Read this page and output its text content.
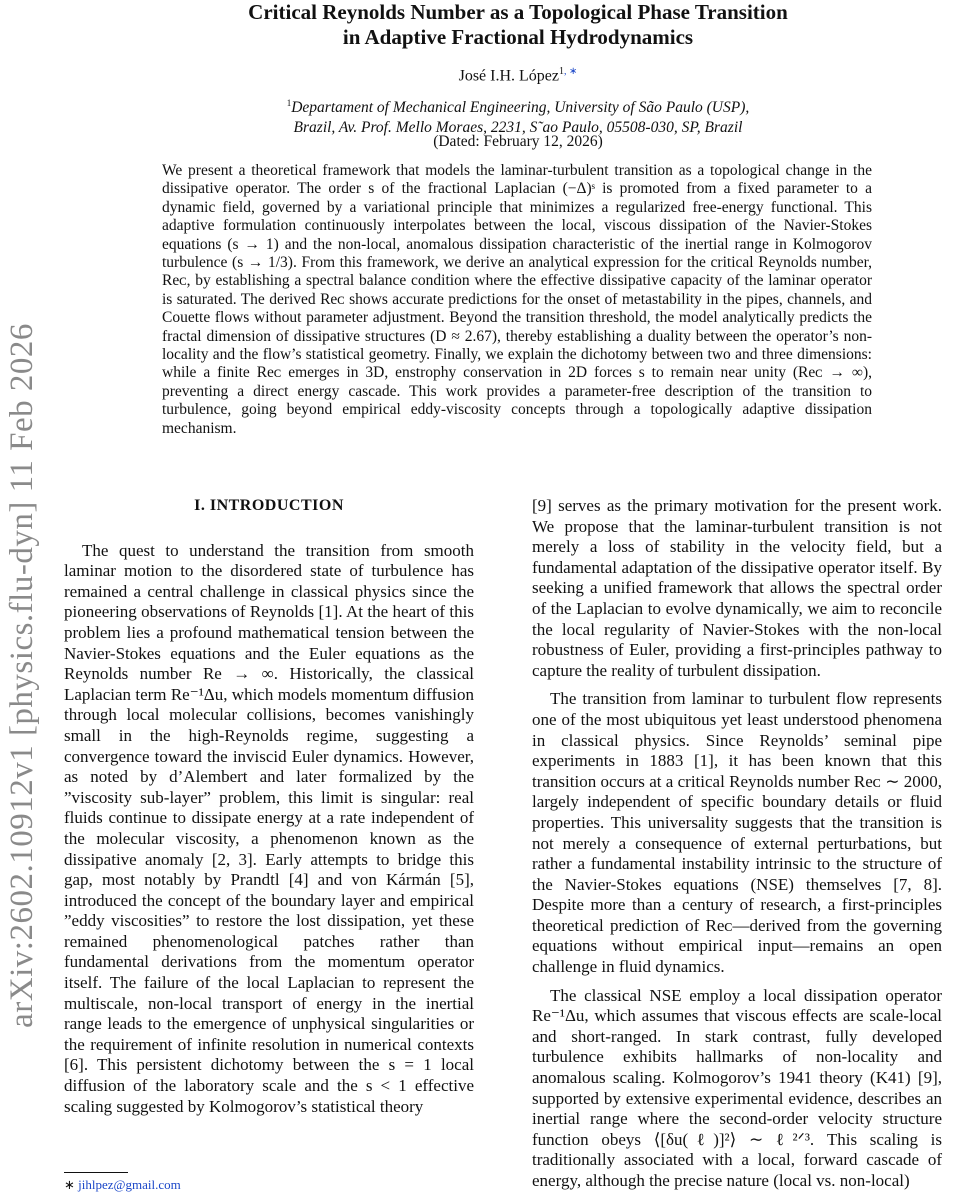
arXiv:2602.10912v1 [physics.flu-dyn] 11 Feb 2026
Critical Reynolds Number as a Topological Phase Transition
in Adaptive Fractional Hydrodynamics
José I.H. López$^{1, ∗}$
$^1$Departament of Mechanical Engineering, University of São Paulo (USP),
Brazil, Av. Prof. Mello Moraes, 2231, S˜ao Paulo, 05508-030, SP, Brazil
(Dated: February 12, 2026)
We present a theoretical framework that models the laminar-turbulent transition as a topological change in the dissipative operator. The order s of the fractional Laplacian (−Δ)ˢ is promoted from a fixed parameter to a dynamic field, governed by a variational principle that minimizes a regularized free-energy functional. This adaptive formulation continuously interpolates between the local, viscous dissipation of the Navier-Stokes equations (s → 1) and the non-local, anomalous dissipation characteristic of the inertial range in Kolmogorov turbulence (s → 1/3). From this framework, we derive an analytical expression for the critical Reynolds number, Reᴄ, by establishing a spectral balance condition where the effective dissipative capacity of the laminar operator is saturated. The derived Reᴄ shows accurate predictions for the onset of metastability in the pipes, channels, and Couette flows without parameter adjustment. Beyond the transition threshold, the model analytically predicts the fractal dimension of dissipative structures (D ≈ 2.67), thereby establishing a duality between the operator’s non-locality and the flow’s statistical geometry. Finally, we explain the dichotomy between two and three dimensions: while a finite Reᴄ emerges in 3D, enstrophy conservation in 2D forces s to remain near unity (Reᴄ → ∞), preventing a direct energy cascade. This work provides a parameter-free description of the transition to turbulence, going beyond empirical eddy-viscosity concepts through a topologically adaptive dissipation mechanism.
I. INTRODUCTION

The quest to understand the transition from smooth laminar motion to the disordered state of turbulence has remained a central challenge in classical physics since the pioneering observations of Reynolds [1]. At the heart of this problem lies a profound mathematical tension between the Navier-Stokes equations and the Euler equations as the Reynolds number Re → ∞. Historically, the classical Laplacian term Re⁻¹Δu, which models momentum diffusion through local molecular collisions, becomes vanishingly small in the high-Reynolds regime, suggesting a convergence toward the inviscid Euler dynamics. However, as noted by d’Alembert and later formalized by the ”viscosity sub-layer” problem, this limit is singular: real fluids continue to dissipate energy at a rate independent of the molecular viscosity, a phenomenon known as the dissipative anomaly [2, 3]. Early attempts to bridge this gap, most notably by Prandtl [4] and von Kármán [5], introduced the concept of the boundary layer and empirical ”eddy viscosities” to restore the lost dissipation, yet these remained phenomenological patches rather than fundamental derivations from the momentum operator itself. The failure of the local Laplacian to represent the multiscale, non-local transport of energy in the inertial range leads to the emergence of unphysical singularities or the requirement of infinite resolution in numerical contexts [6]. This persistent dichotomy between the s = 1 local diffusion of the laboratory scale and the s < 1 effective scaling suggested by Kolmogorov’s statistical theory

[9] serves as the primary motivation for the present work. We propose that the laminar-turbulent transition is not merely a loss of stability in the velocity field, but a fundamental adaptation of the dissipative operator itself. By seeking a unified framework that allows the spectral order of the Laplacian to evolve dynamically, we aim to reconcile the local regularity of Navier-Stokes with the non-local robustness of Euler, providing a first-principles pathway to capture the reality of turbulent dissipation.

The transition from laminar to turbulent flow represents one of the most ubiquitous yet least understood phenomena in classical physics. Since Reynolds’ seminal pipe experiments in 1883 [1], it has been known that this transition occurs at a critical Reynolds number Reᴄ ∼ 2000, largely independent of specific boundary details or fluid properties. This universality suggests that the transition is not merely a consequence of external perturbations, but rather a fundamental instability intrinsic to the structure of the Navier-Stokes equations (NSE) themselves [7, 8]. Despite more than a century of research, a first-principles theoretical prediction of Reᴄ—derived from the governing equations without empirical input—remains an open challenge in fluid dynamics.

The classical NSE employ a local dissipation operator Re⁻¹Δu, which assumes that viscous effects are scale-local and short-ranged. In stark contrast, fully developed turbulence exhibits hallmarks of non-locality and anomalous scaling. Kolmogorov’s 1941 theory (K41) [9], supported by extensive experimental evidence, describes an inertial range where the second-order velocity structure function obeys ⟨[δu(ℓ)]²⟩ ∼ ℓ²ᐟ³. This scaling is traditionally associated with a local, forward cascade of energy, although the precise nature (local vs. non-local)

∗ jihlpez@gmail.com
